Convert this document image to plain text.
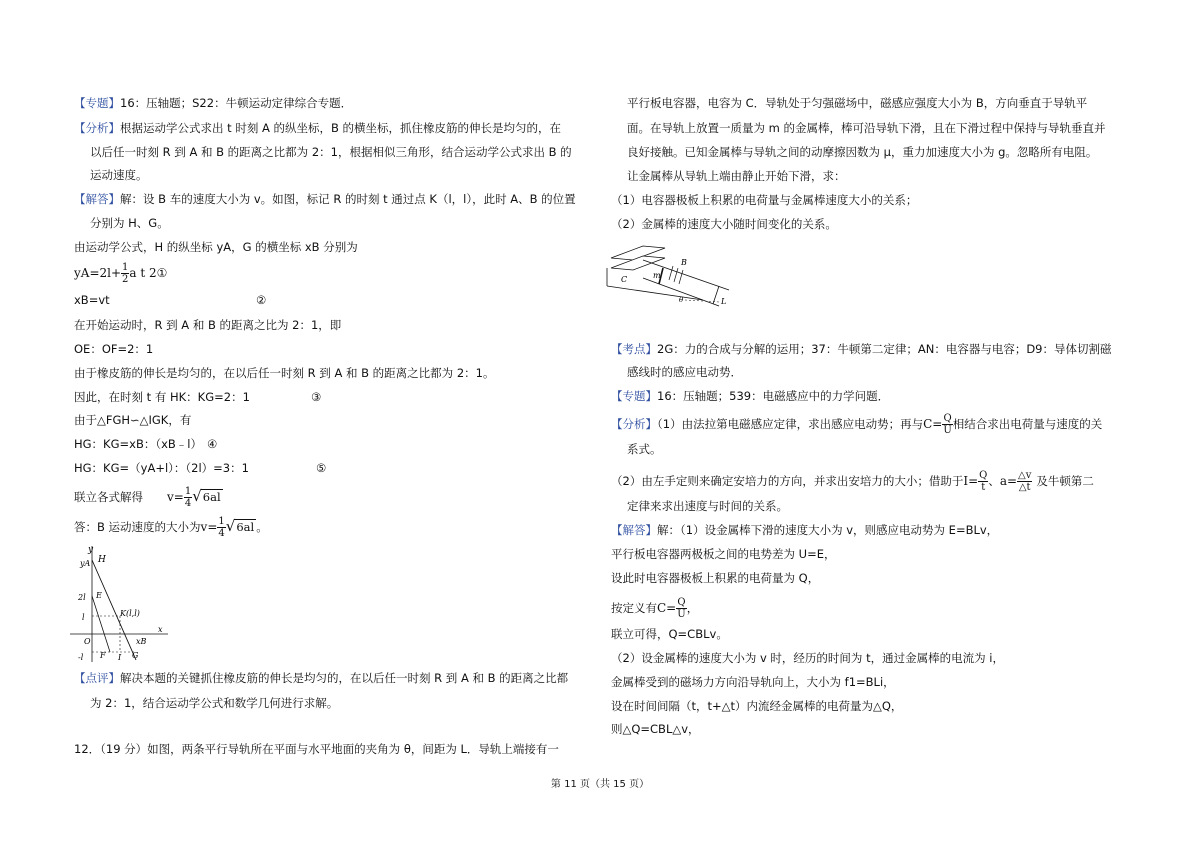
【专题】16：压轴题；S22：牛顿运动定律综合专题．
【分析】根据运动学公式求出 t 时刻 A 的纵坐标，B 的横坐标，抓住橡皮筋的伸长是均匀的，在
以后任一时刻 R 到 A 和 B 的距离之比都为 2：1，根据相似三角形，结合运动学公式求出 B 的
运动速度。
【解答】解：设 B 车的速度大小为 v。如图，标记 R 的时刻 t 通过点 K（l，l），此时 A、B 的位置
分别为 H、G。
由运动学公式，H 的纵坐标 yA，G 的横坐标 xB 分别为
$yA=2l+ \frac{1}{2}$ a t 2①
xB=vt	②
在开始运动时，R 到 A 和 B 的距离之比为 2：1，即
OE：OF=2：1
由于橡皮筋的伸长是均匀的，在以后任一时刻 R 到 A 和 B 的距离之比都为 2：1。
因此，在时刻 t 有 HK：KG=2：1	③
由于△FGH∽△IGK，有
HG：KG=xB：（xB﹣l） ④
HG：KG=（yA+l）：（2l）=3：1	⑤
联立各式解得 $v= \frac{1}{4} √6al$
答：B 运动速度的大小为$v= \frac{1}{4} √6al$ 。
y
H
yA
2l E
l	K(l,l)
O
x
xB
-l F I G
【点评】解决本题的关键抓住橡皮筋的伸长是均匀的，在以后任一时刻 R 到 A 和 B 的距离之比都
为 2：1，结合运动学公式和数学几何进行求解。
12．（19 分）如图，两条平行导轨所在平面与水平地面的夹角为 θ，间距为 L．导轨上端接有一
平行板电容器，电容为 C．导轨处于匀强磁场中，磁感应强度大小为 B，方向垂直于导轨平
面。在导轨上放置一质量为 m 的金属棒，棒可沿导轨下滑，且在下滑过程中保持与导轨垂直并
良好接触。已知金属棒与导轨之间的动摩擦因数为 μ，重力加速度大小为 g。忽略所有电阻。
让金属棒从导轨上端由静止开始下滑，求：
（1）电容器极板上积累的电荷量与金属棒速度大小的关系；
（2）金属棒的速度大小随时间变化的关系。
C	m
B
θ	L
【考点】2G：力的合成与分解的运用；37：牛顿第二定律；AN：电容器与电容；D9：导体切割磁
感线时的感应电动势．
【专题】16：压轴题；539：电磁感应中的力学问题．
【分析】（1）由法拉第电磁感应定律，求出感应电动势；再与$C= \frac{Q}{U}$ 相结合求出电荷量与速度的关
系式。
（2）由左手定则来确定安培力的方向，并求出安培力的大小；借助于$I= \frac{Q}{t}$ 、$a= \frac{\triangle v}{\triangle t}$ 及牛顿第二
定律来求出速度与时间的关系。
【解答】解：（1）设金属棒下滑的速度大小为 v，则感应电动势为 E=BLv，
平行板电容器两极板之间的电势差为 U=E，
设此时电容器极板上积累的电荷量为 Q，
按定义有$C= \frac{Q}{U}$ ，
联立可得，Q=CBLv。
（2）设金属棒的速度大小为 v 时，经历的时间为 t，通过金属棒的电流为 i，
金属棒受到的磁场力方向沿导轨向上，大小为 f1=BLi，
设在时间间隔（t，t+△t）内流经金属棒的电荷量为△Q，
则△Q=CBL△v，
第 11 页（共 15 页）
